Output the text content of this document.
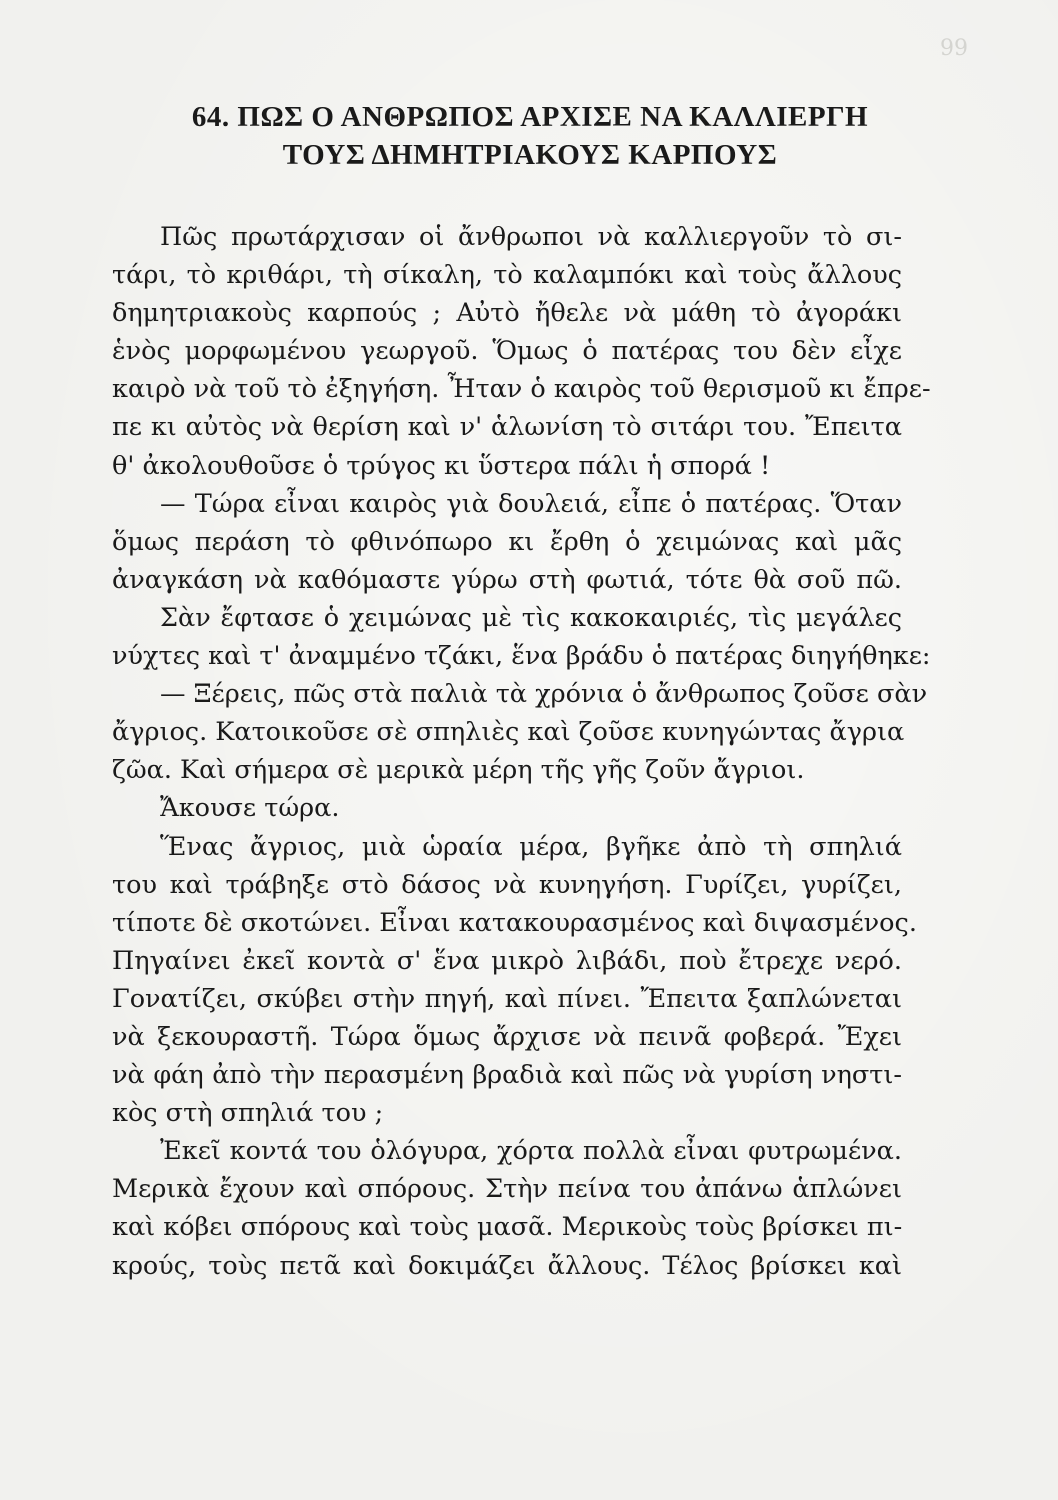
99
64. ΠΩΣ Ο ΑΝΘΡΩΠΟΣ ΑΡΧΙΣΕ ΝΑ ΚΑΛΛΙΕΡΓΗ
ΤΟΥΣ ΔΗΜΗΤΡΙΑΚΟΥΣ ΚΑΡΠΟΥΣ
Πῶς πρωτάρχισαν οἱ ἄνθρωποι νὰ καλλιεργοῦν τὸ σι-
τάρι, τὸ κριθάρι, τὴ σίκαλη, τὸ καλαμπόκι καὶ τοὺς ἄλλους
δημητριακοὺς καρπούς ; Αὐτὸ ἤθελε νὰ μάθη τὸ ἀγοράκι
ἑνὸς μορφωμένου γεωργοῦ. Ὅμως ὁ πατέρας του δὲν εἶχε
καιρὸ νὰ τοῦ τὸ ἐξηγήση. Ἦταν ὁ καιρὸς τοῦ θερισμοῦ κι ἔπρε-
πε κι αὐτὸς νὰ θερίση καὶ ν' ἁλωνίση τὸ σιτάρι του. Ἔπειτα
θ' ἀκολουθοῦσε ὁ τρύγος κι ὕστερα πάλι ἡ σπορά !
— Τώρα εἶναι καιρὸς γιὰ δουλειά, εἶπε ὁ πατέρας. Ὅταν
ὅμως περάση τὸ φθινόπωρο κι ἔρθη ὁ χειμώνας καὶ μᾶς
ἀναγκάση νὰ καθόμαστε γύρω στὴ φωτιά, τότε θὰ σοῦ πῶ.
Σὰν ἔφτασε ὁ χειμώνας μὲ τὶς κακοκαιριές, τὶς μεγάλες
νύχτες καὶ τ' ἀναμμένο τζάκι, ἕνα βράδυ ὁ πατέρας διηγήθηκε:
— Ξέρεις, πῶς στὰ παλιὰ τὰ χρόνια ὁ ἄνθρωπος ζοῦσε σὰν
ἄγριος. Κατοικοῦσε σὲ σπηλιὲς καὶ ζοῦσε κυνηγώντας ἄγρια
ζῶα. Καὶ σήμερα σὲ μερικὰ μέρη τῆς γῆς ζοῦν ἄγριοι.
Ἄκουσε τώρα.
Ἕνας ἄγριος, μιὰ ὡραία μέρα, βγῆκε ἀπὸ τὴ σπηλιά
του καὶ τράβηξε στὸ δάσος νὰ κυνηγήση. Γυρίζει, γυρίζει,
τίποτε δὲ σκοτώνει. Εἶναι κατακουρασμένος καὶ διψασμένος.
Πηγαίνει ἐκεῖ κοντὰ σ' ἕνα μικρὸ λιβάδι, ποὺ ἔτρεχε νερό.
Γονατίζει, σκύβει στὴν πηγή, καὶ πίνει. Ἔπειτα ξαπλώνεται
νὰ ξεκουραστῆ. Τώρα ὅμως ἄρχισε νὰ πεινᾶ φοβερά. Ἔχει
νὰ φάη ἀπὸ τὴν περασμένη βραδιὰ καὶ πῶς νὰ γυρίση νηστι-
κὸς στὴ σπηλιά του ;
Ἐκεῖ κοντά του ὁλόγυρα, χόρτα πολλὰ εἶναι φυτρωμένα.
Μερικὰ ἔχουν καὶ σπόρους. Στὴν πείνα του ἀπάνω ἁπλώνει
καὶ κόβει σπόρους καὶ τοὺς μασᾶ. Μερικοὺς τοὺς βρίσκει πι-
κρούς, τοὺς πετᾶ καὶ δοκιμάζει ἄλλους. Τέλος βρίσκει καὶ
